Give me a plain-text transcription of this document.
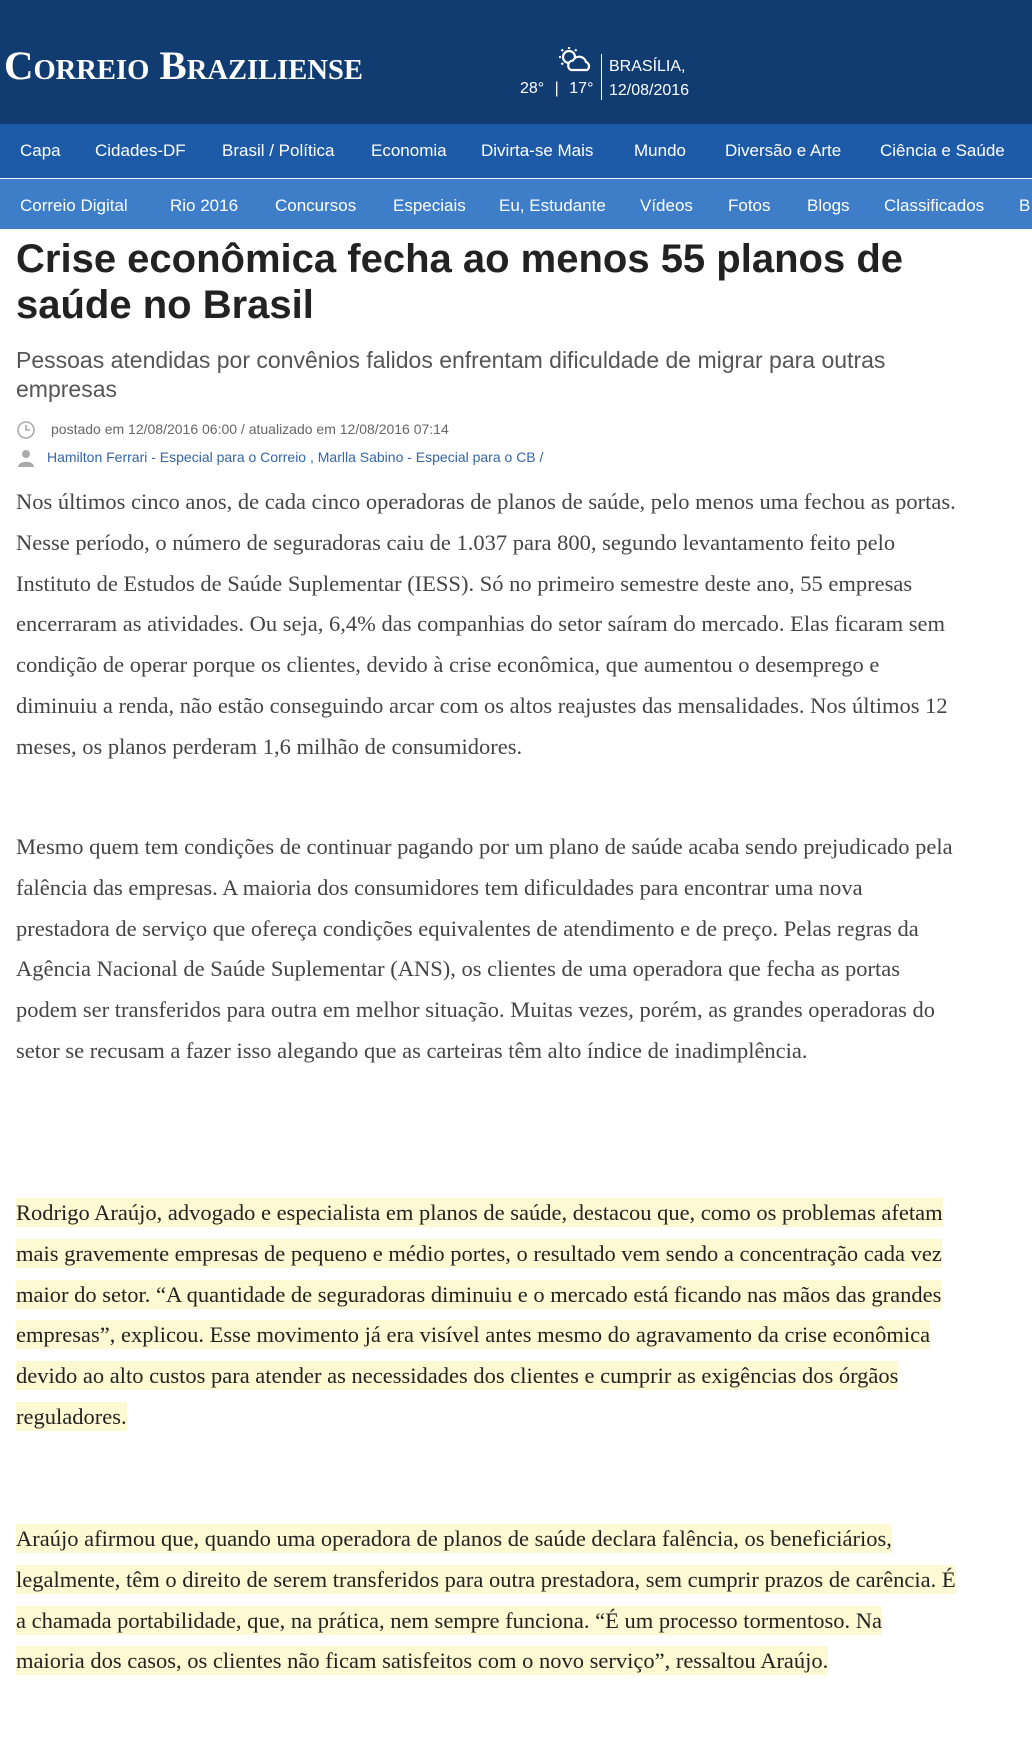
Correio Braziliense
28° | 17°
BRASÍLIA,
12/08/2016
Capa Cidades-DF Brasil / Política Economia Divirta-se Mais Mundo Diversão e Arte Ciência e Saúde
Correio Digital Rio 2016 Concursos Especiais Eu, Estudante Vídeos Fotos Blogs Classificados B
Crise econômica fecha ao menos 55 planos de saúde no Brasil

Pessoas atendidas por convênios falidos enfrentam dificuldade de migrar para outras empresas

postado em 12/08/2016 06:00 / atualizado em 12/08/2016 07:14
Hamilton Ferrari - Especial para o Correio , Marlla Sabino - Especial para o CB /

Nos últimos cinco anos, de cada cinco operadoras de planos de saúde, pelo menos uma fechou as portas. Nesse período, o número de seguradoras caiu de 1.037 para 800, segundo levantamento feito pelo Instituto de Estudos de Saúde Suplementar (IESS). Só no primeiro semestre deste ano, 55 empresas encerraram as atividades. Ou seja, 6,4% das companhias do setor saíram do mercado. Elas ficaram sem condição de operar porque os clientes, devido à crise econômica, que aumentou o desemprego e diminuiu a renda, não estão conseguindo arcar com os altos reajustes das mensalidades. Nos últimos 12 meses, os planos perderam 1,6 milhão de consumidores.

Mesmo quem tem condições de continuar pagando por um plano de saúde acaba sendo prejudicado pela falência das empresas. A maioria dos consumidores tem dificuldades para encontrar uma nova prestadora de serviço que ofereça condições equivalentes de atendimento e de preço. Pelas regras da Agência Nacional de Saúde Suplementar (ANS), os clientes de uma operadora que fecha as portas podem ser transferidos para outra em melhor situação. Muitas vezes, porém, as grandes operadoras do setor se recusam a fazer isso alegando que as carteiras têm alto índice de inadimplência.

Rodrigo Araújo, advogado e especialista em planos de saúde, destacou que, como os problemas afetam mais gravemente empresas de pequeno e médio portes, o resultado vem sendo a concentração cada vez maior do setor. “A quantidade de seguradoras diminuiu e o mercado está ficando nas mãos das grandes empresas”, explicou. Esse movimento já era visível antes mesmo do agravamento da crise econômica devido ao alto custos para atender as necessidades dos clientes e cumprir as exigências dos órgãos reguladores.

Araújo afirmou que, quando uma operadora de planos de saúde declara falência, os beneficiários, legalmente, têm o direito de serem transferidos para outra prestadora, sem cumprir prazos de carência. É a chamada portabilidade, que, na prática, nem sempre funciona. “É um processo tormentoso. Na maioria dos casos, os clientes não ficam satisfeitos com o novo serviço”, ressaltou Araújo.
